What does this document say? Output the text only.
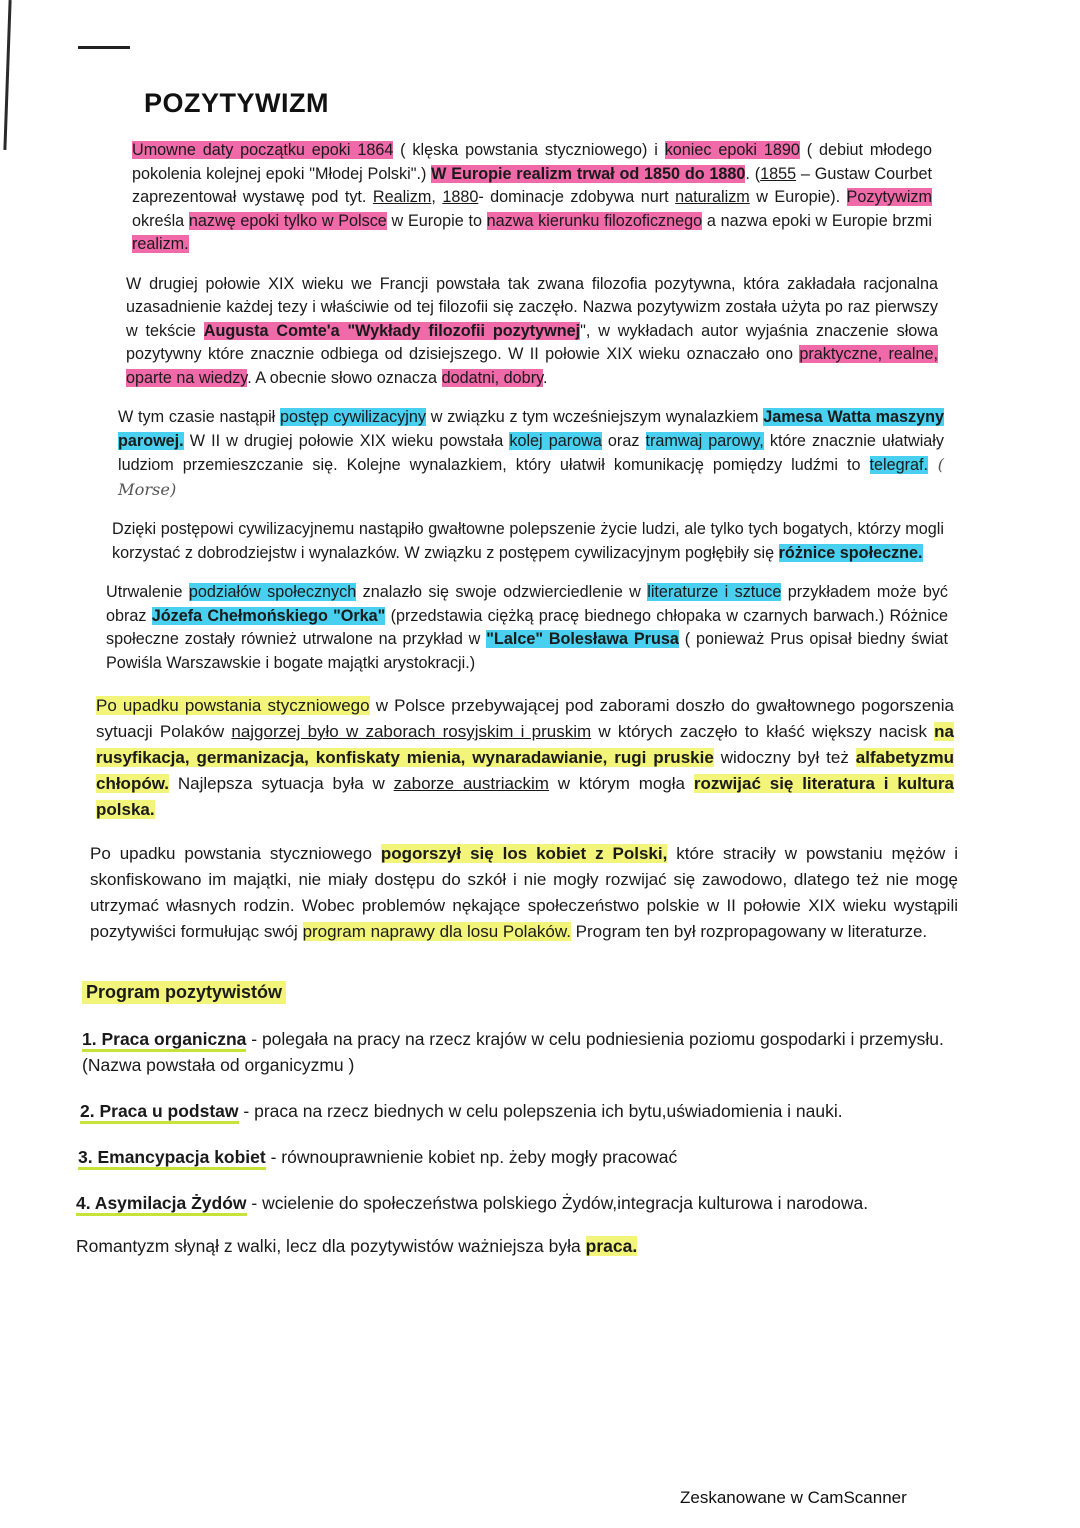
POZYTYWIZM

Umowne daty początku epoki 1864 ( klęska powstania styczniowego) i koniec epoki 1890 ( debiut młodego pokolenia kolejnej epoki "Młodej Polski".) W Europie realizm trwał od 1850 do 1880. (1855 – Gustaw Courbet zaprezentował wystawę pod tyt. Realizm, 1880- dominacje zdobywa nurt naturalizm w Europie). Pozytywizm określa nazwę epoki tylko w Polsce w Europie to nazwa kierunku filozoficznego a nazwa epoki w Europie brzmi realizm.

W drugiej połowie XIX wieku we Francji powstała tak zwana filozofia pozytywna, która zakładała racjonalna uzasadnienie każdej tezy i właściwie od tej filozofii się zaczęło. Nazwa pozytywizm została użyta po raz pierwszy w tekście Augusta Comte'a "Wykłady filozofii pozytywnej", w wykładach autor wyjaśnia znaczenie słowa pozytywny które znacznie odbiega od dzisiejszego. W II połowie XIX wieku oznaczało ono praktyczne, realne, oparte na wiedzy. A obecnie słowo oznacza dodatni, dobry.

W tym czasie nastąpił postęp cywilizacyjny w związku z tym wcześniejszym wynalazkiem Jamesa Watta maszyny parowej. W II w drugiej połowie XIX wieku powstała kolej parowa oraz tramwaj parowy, które znacznie ułatwiały ludziom przemieszczanie się. Kolejne wynalazkiem, który ułatwił komunikację pomiędzy ludźmi to telegraf. ( Morse)

Dzięki postępowi cywilizacyjnemu nastąpiło gwałtowne polepszenie życie ludzi, ale tylko tych bogatych, którzy mogli korzystać z dobrodziejstw i wynalazków. W związku z postępem cywilizacyjnym pogłębiły się różnice społeczne.

Utrwalenie podziałów społecznych znalazło się swoje odzwierciedlenie w literaturze i sztuce przykładem może być obraz Józefa Chełmońskiego "Orka" (przedstawia ciężką pracę biednego chłopaka w czarnych barwach.) Różnice społeczne zostały również utrwalone na przykład w "Lalce" Bolesława Prusa ( ponieważ Prus opisał biedny świat Powiśla Warszawskie i bogate majątki arystokracji.)

Po upadku powstania styczniowego w Polsce przebywającej pod zaborami doszło do gwałtownego pogorszenia sytuacji Polaków najgorzej było w zaborach rosyjskim i pruskim w których zaczęło to kłaść większy nacisk na rusyfikacja, germanizacja, konfiskaty mienia, wynaradawianie, rugi pruskie widoczny był też alfabetyzmu chłopów. Najlepsza sytuacja była w zaborze austriackim w którym mogła rozwijać się literatura i kultura polska.

Po upadku powstania styczniowego pogorszył się los kobiet z Polski, które straciły w powstaniu mężów i skonfiskowano im majątki, nie miały dostępu do szkół i nie mogły rozwijać się zawodowo, dlatego też nie mogę utrzymać własnych rodzin. Wobec problemów nękające społeczeństwo polskie w II połowie XIX wieku wystąpili pozytywiści formułując swój program naprawy dla losu Polaków. Program ten był rozpropagowany w literaturze.

Program pozytywistów
1. Praca organiczna - polegała na pracy na rzecz krajów w celu podniesienia poziomu gospodarki i przemysłu. (Nazwa powstała od organicyzmu )
2. Praca u podstaw - praca na rzecz biednych w celu polepszenia ich bytu,uświadomienia i nauki.
3. Emancypacja kobiet - równouprawnienie kobiet np. żeby mogły pracować
4. Asymilacja Żydów - wcielenie do społeczeństwa polskiego Żydów,integracja kulturowa i narodowa.
Romantyzm słynął z walki, lecz dla pozytywistów ważniejsza była praca.
Zeskanowane w CamScanner
